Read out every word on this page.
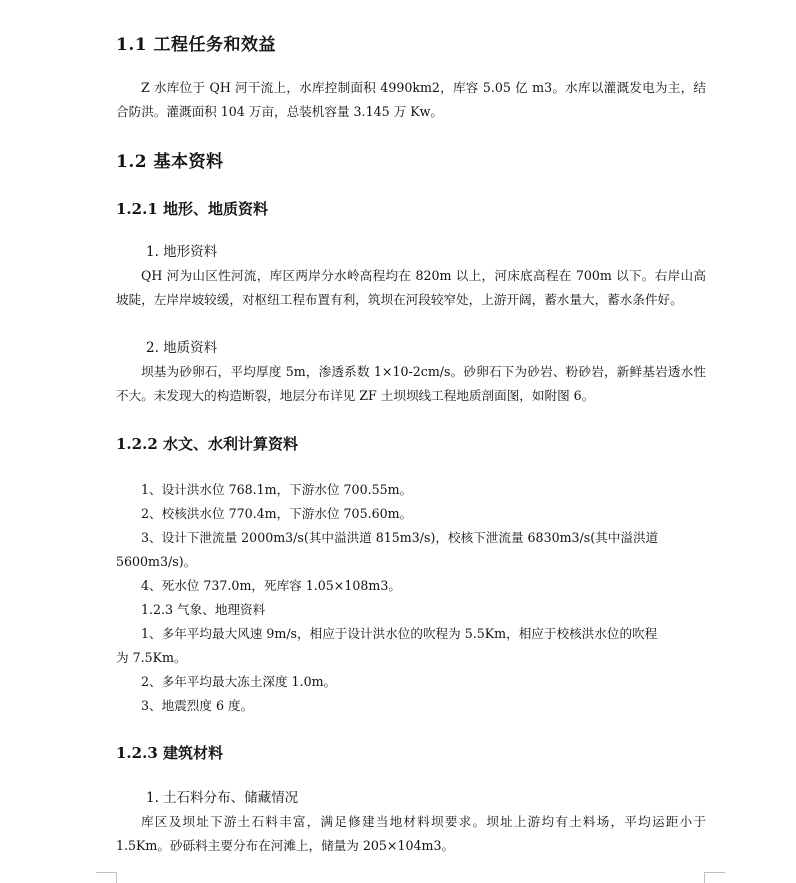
1.1 工程任务和效益
Z 水库位于 QH 河干流上，水库控制面积 4990km2，库容 5.05 亿 m3。水库以灌溉发电为主，结合防洪。灌溉面积 104 万亩，总装机容量 3.145 万 Kw。
1.2 基本资料
1.2.1 地形、地质资料
1. 地形资料
QH 河为山区性河流，库区两岸分水岭高程均在 820m 以上，河床底高程在 700m 以下。右岸山高坡陡，左岸岸坡较缓，对枢纽工程布置有利，筑坝在河段较窄处，上游开阔，蓄水量大，蓄水条件好。
2. 地质资料
坝基为砂卵石，平均厚度 5m，渗透系数 1×10-2cm/s。砂卵石下为砂岩、粉砂岩，新鲜基岩透水性不大。未发现大的构造断裂，地层分布详见 ZF 土坝坝线工程地质剖面图，如附图 6。
1.2.2 水文、水利计算资料
1、设计洪水位 768.1m，下游水位 700.55m。
2、校核洪水位 770.4m，下游水位 705.60m。
3、设计下泄流量 2000m3/s(其中溢洪道 815m3/s)，校核下泄流量 6830m3/s(其中溢洪道
5600m3/s)。
4、死水位 737.0m，死库容 1.05×108m3。
1.2.3 气象、地理资料
1、多年平均最大风速 9m/s，相应于设计洪水位的吹程为 5.5Km，相应于校核洪水位的吹程
为 7.5Km。
2、多年平均最大冻土深度 1.0m。
3、地震烈度 6 度。
1.2.3 建筑材料
1. 土石料分布、储藏情况
库区及坝址下游土石料丰富，满足修建当地材料坝要求。坝址上游均有土料场，平均运距小于 1.5Km。砂砾料主要分布在河滩上，储量为 205×104m3。
